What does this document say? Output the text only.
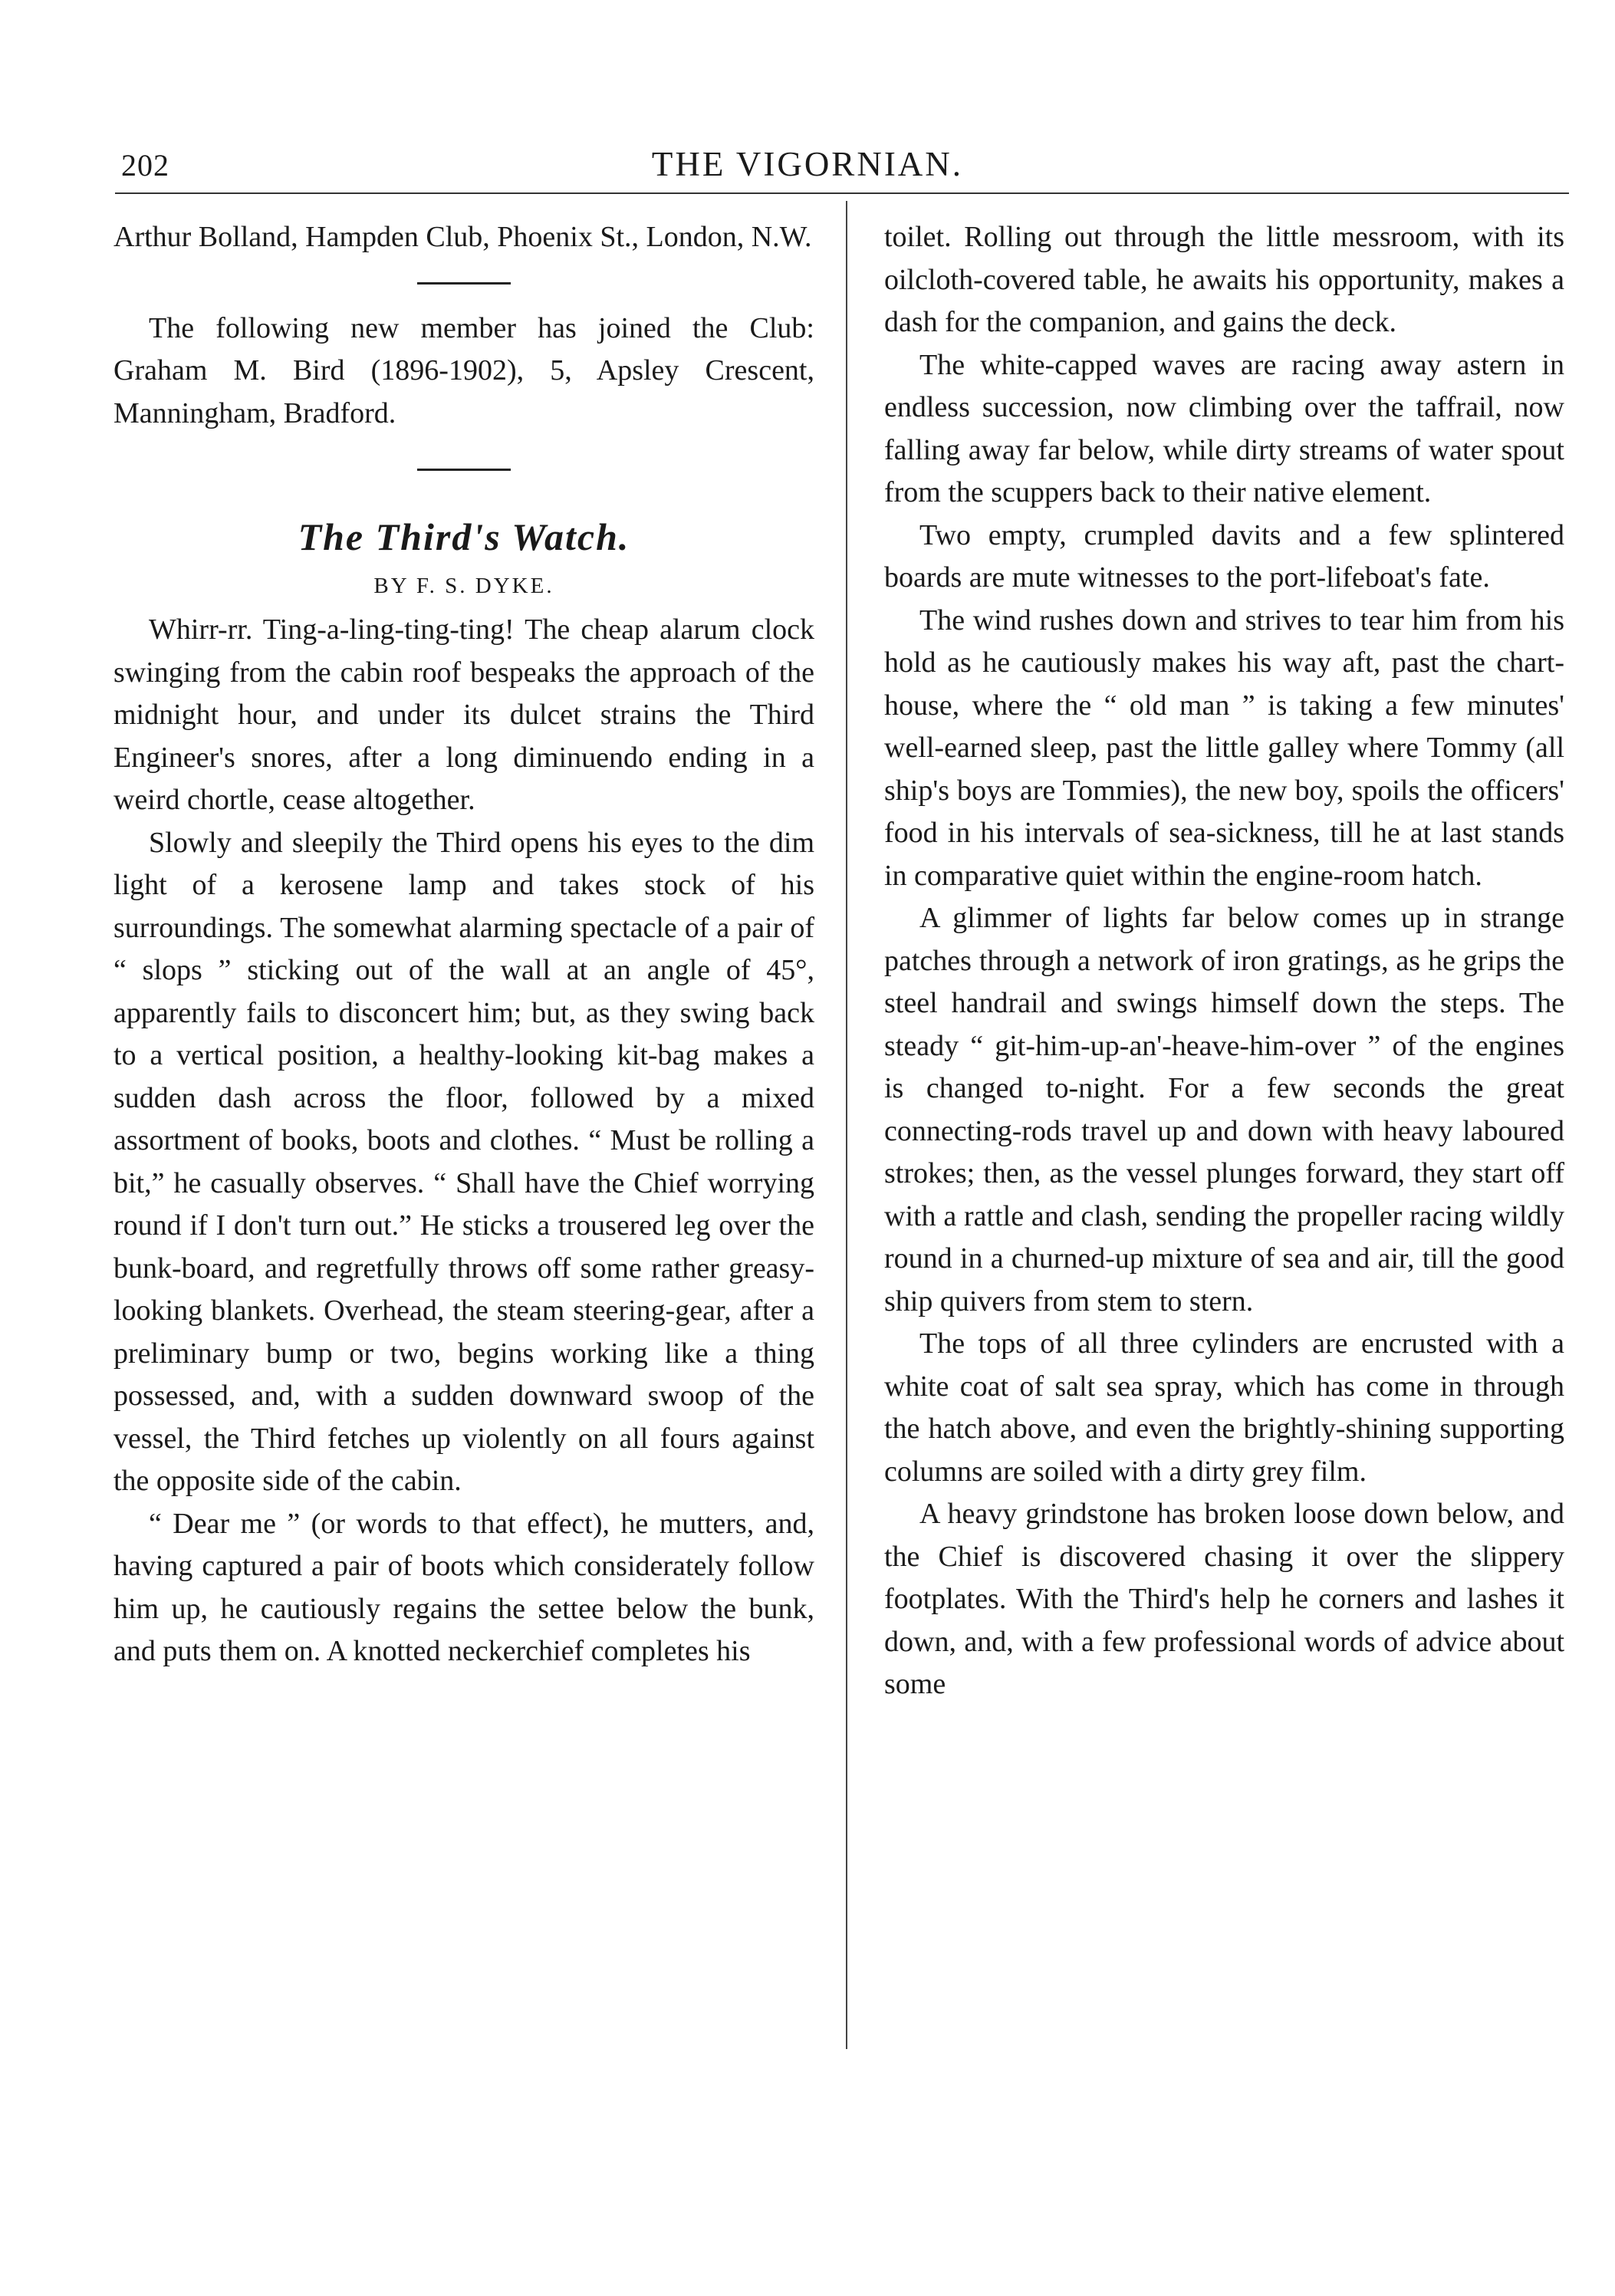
202	THE VIGORNIAN.

Arthur Bolland, Hampden Club, Phoenix St., London, N.W.

The following new member has joined the Club: Graham M. Bird (1896-1902), 5, Apsley Crescent, Manningham, Bradford.

The Third's Watch.
BY F. S. DYKE.

Whirr-rr. Ting-a-ling-ting-ting! The cheap alarum clock swinging from the cabin roof bespeaks the approach of the midnight hour, and under its dulcet strains the Third Engineer's snores, after a long diminuendo ending in a weird chortle, cease altogether.

Slowly and sleepily the Third opens his eyes to the dim light of a kerosene lamp and takes stock of his surroundings. The somewhat alarming spectacle of a pair of “ slops ” sticking out of the wall at an angle of 45°, apparently fails to disconcert him; but, as they swing back to a vertical position, a healthy-looking kit-bag makes a sudden dash across the floor, followed by a mixed assortment of books, boots and clothes. “ Must be rolling a bit,” he casually observes. “ Shall have the Chief worrying round if I don't turn out.” He sticks a trousered leg over the bunk-board, and regretfully throws off some rather greasy-looking blankets. Overhead, the steam steering-gear, after a preliminary bump or two, begins working like a thing possessed, and, with a sudden downward swoop of the vessel, the Third fetches up violently on all fours against the opposite side of the cabin.

“ Dear me ” (or words to that effect), he mutters, and, having captured a pair of boots which considerately follow him up, he cautiously regains the settee below the bunk, and puts them on. A knotted neckerchief completes his

toilet. Rolling out through the little messroom, with its oilcloth-covered table, he awaits his opportunity, makes a dash for the companion, and gains the deck.

The white-capped waves are racing away astern in endless succession, now climbing over the taffrail, now falling away far below, while dirty streams of water spout from the scuppers back to their native element.

Two empty, crumpled davits and a few splintered boards are mute witnesses to the port-lifeboat's fate.

The wind rushes down and strives to tear him from his hold as he cautiously makes his way aft, past the chart-house, where the “ old man ” is taking a few minutes' well-earned sleep, past the little galley where Tommy (all ship's boys are Tommies), the new boy, spoils the officers' food in his intervals of sea-sickness, till he at last stands in comparative quiet within the engine-room hatch.

A glimmer of lights far below comes up in strange patches through a network of iron gratings, as he grips the steel handrail and swings himself down the steps. The steady “ git-him-up-an'-heave-him-over ” of the engines is changed to-night. For a few seconds the great connecting-rods travel up and down with heavy laboured strokes; then, as the vessel plunges forward, they start off with a rattle and clash, sending the propeller racing wildly round in a churned-up mixture of sea and air, till the good ship quivers from stem to stern.

The tops of all three cylinders are encrusted with a white coat of salt sea spray, which has come in through the hatch above, and even the brightly-shining supporting columns are soiled with a dirty grey film.

A heavy grindstone has broken loose down below, and the Chief is discovered chasing it over the slippery footplates. With the Third's help he corners and lashes it down, and, with a few professional words of advice about some
